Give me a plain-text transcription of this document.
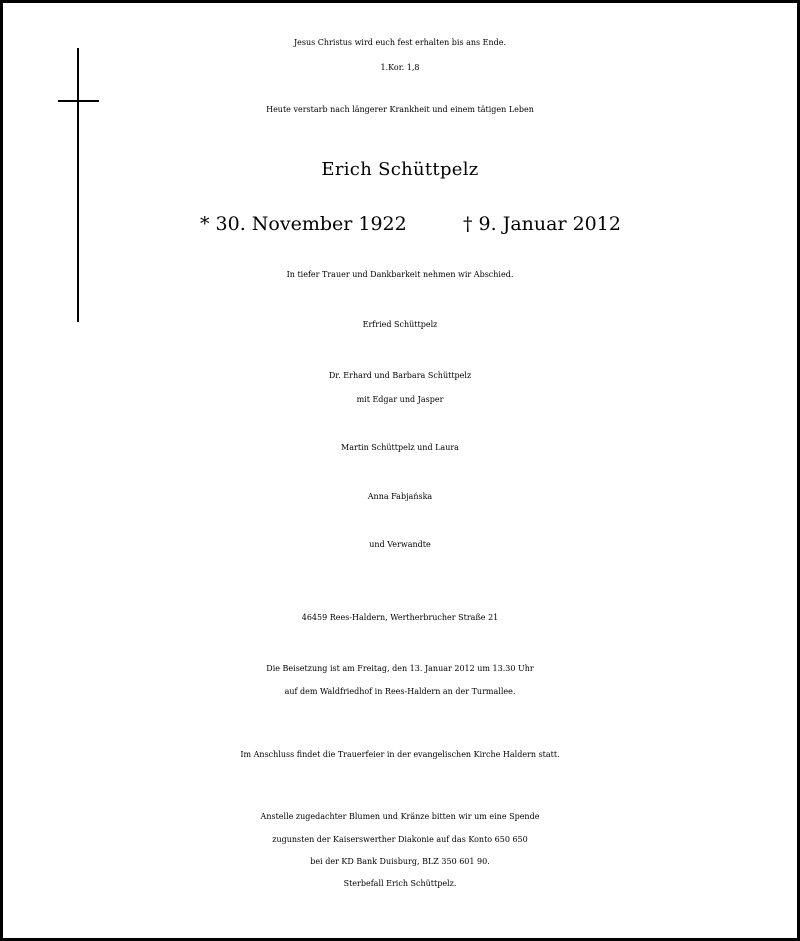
Jesus Christus wird euch fest erhalten bis ans Ende.
1.Kor. 1,8
Heute verstarb nach längerer Krankheit und einem tätigen Leben
Erich Schüttpelz
* 30. November 1922	† 9. Januar 2012
In tiefer Trauer und Dankbarkeit nehmen wir Abschied.
Erfried Schüttpelz
Dr. Erhard und Barbara Schüttpelz
mit Edgar und Jasper
Martin Schüttpelz und Laura
Anna Fabjańska
und Verwandte
46459 Rees-Haldern, Wertherbrucher Straße 21
Die Beisetzung ist am Freitag, den 13. Januar 2012 um 13.30 Uhr
auf dem Waldfriedhof in Rees-Haldern an der Turmallee.
Im Anschluss findet die Trauerfeier in der evangelischen Kirche Haldern statt.
Anstelle zugedachter Blumen und Kränze bitten wir um eine Spende
zugunsten der Kaiserswerther Diakonie auf das Konto 650 650
bei der KD Bank Duisburg, BLZ 350 601 90.
Sterbefall Erich Schüttpelz.
